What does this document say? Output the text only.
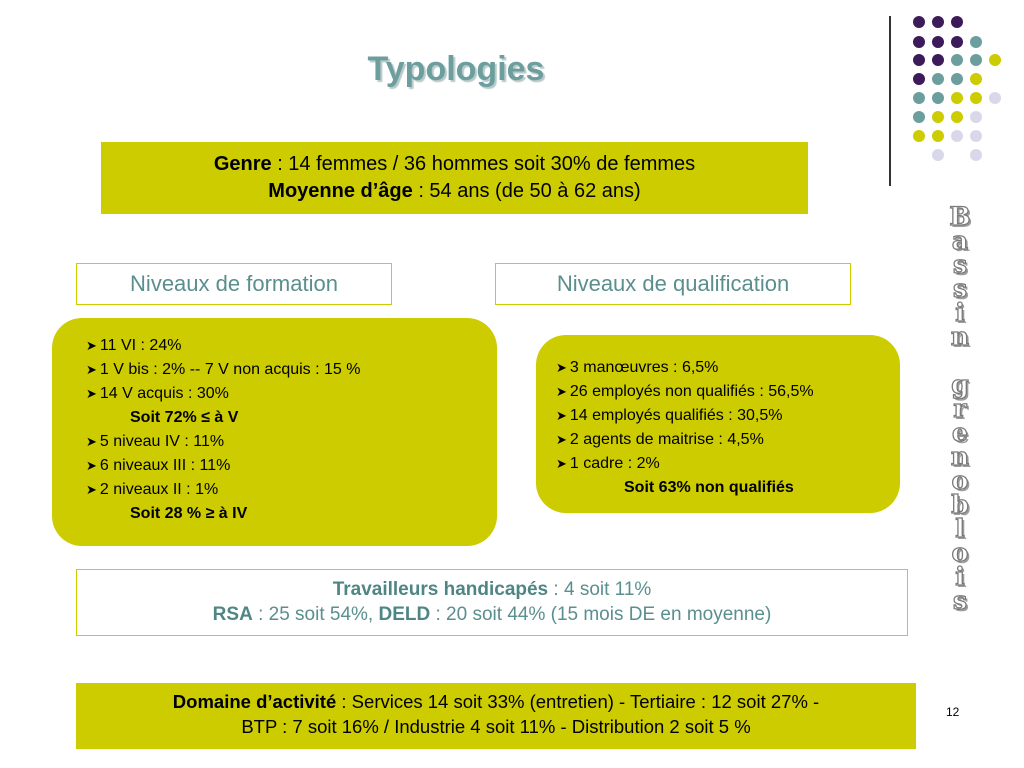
Typologies
Genre : 14 femmes / 36 hommes soit 30% de femmes
Moyenne d’âge : 54 ans (de 50 à 62 ans)
Niveaux de formation	Niveaux de qualification
➤ 11 VI : 24%
➤ 1 V bis : 2% -- 7 V non acquis : 15 %
➤ 14 V acquis : 30%
Soit 72% ≤ à V
➤ 5 niveau IV : 11%
➤ 6 niveaux III : 11%
➤ 2 niveaux II : 1%
Soit 28 % ≥ à IV
➤ 3 manœuvres : 6,5%
➤ 26 employés non qualifiés : 56,5%
➤ 14 employés qualifiés : 30,5%
➤ 2 agents de maitrise : 4,5%
➤ 1 cadre : 2%
Soit 63% non qualifiés
Travailleurs handicapés : 4 soit 11%
RSA : 25 soit 54%, DELD : 20 soit 44% (15 mois DE en moyenne)
Domaine d’activité : Services 14 soit 33% (entretien) - Tertiaire : 12 soit 27% -
BTP : 7 soit 16% / Industrie 4 soit 11% - Distribution 2 soit 5 %
B
a
s
s
i
n

g
r
e
n
o
b
l
o
i
s
12
